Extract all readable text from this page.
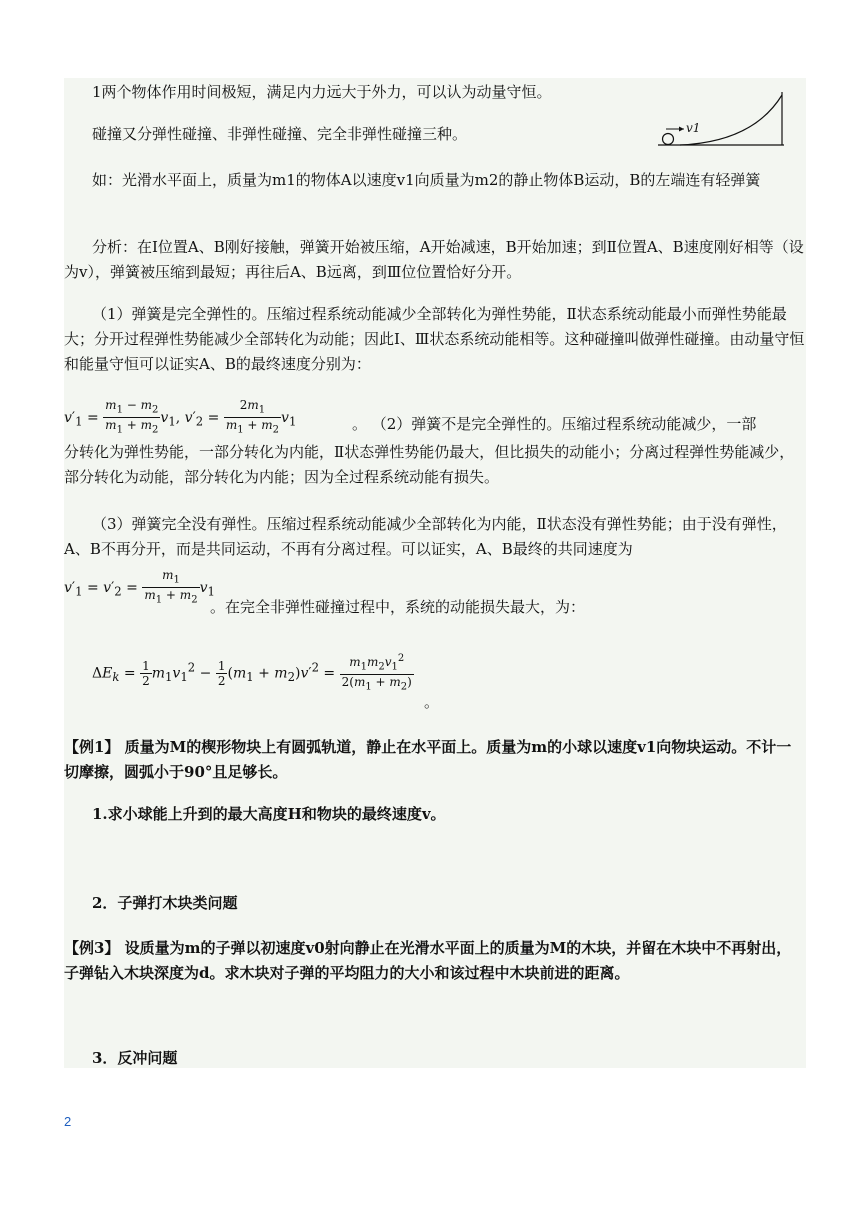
1两个物体作用时间极短，满足内力远大于外力，可以认为动量守恒。

碰撞又分弹性碰撞、非弹性碰撞、完全非弹性碰撞三种。	v1

如：光滑水平面上，质量为m1的物体A以速度v1向质量为m2的静止物体B运动，B的左端连有轻弹簧

分析：在Ⅰ位置A、B刚好接触，弹簧开始被压缩，A开始减速，B开始加速；到Ⅱ位置A、B速度刚好相等（设为v），弹簧被压缩到最短；再往后A、B远离，到Ⅲ位位置恰好分开。

（1）弹簧是完全弹性的。压缩过程系统动能减少全部转化为弹性势能，Ⅱ状态系统动能最小而弹性势能最大；分开过程弹性势能减少全部转化为动能；因此Ⅰ、Ⅲ状态系统动能相等。这种碰撞叫做弹性碰撞。由动量守恒和能量守恒可以证实A、B的最终速度分别为：

$v'_1 = \frac{m_1 - m_2}{m_1 + m_2} v_1$, $v'_2 = \frac{2m_1}{m_1 + m_2} v_1$	。 （2）弹簧不是完全弹性的。压缩过程系统动能减少，一部

分转化为弹性势能，一部分转化为内能，Ⅱ状态弹性势能仍最大，但比损失的动能小；分离过程弹性势能减少，部分转化为动能，部分转化为内能；因为全过程系统动能有损失。

（3）弹簧完全没有弹性。压缩过程系统动能减少全部转化为内能，Ⅱ状态没有弹性势能；由于没有弹性，A、B不再分开，而是共同运动，不再有分离过程。可以证实，A、B最终的共同速度为

$v'_1 = v'_2 = \frac{m_1}{m_1 + m_2} v_1$
。在完全非弹性碰撞过程中，系统的动能损失最大，为：
$\Delta E_k = \frac{1}{2} m_1v_1^2 - \frac{1}{2} (m_1 + m_2)v'^2 = \frac{m_1m_2v_1^2}{2(m_1 + m_2)}$
。

【例1】 质量为M的楔形物块上有圆弧轨道，静止在水平面上。质量为m的小球以速度v1向物块运动。不计一切摩擦，圆弧小于90°且足够长。

1.求小球能上升到的最大高度H和物块的最终速度v。

2．子弹打木块类问题

【例3】 设质量为m的子弹以初速度v0射向静止在光滑水平面上的质量为M的木块，并留在木块中不再射出，子弹钻入木块深度为d。求木块对子弹的平均阻力的大小和该过程中木块前进的距离。

3．反冲问题

2
